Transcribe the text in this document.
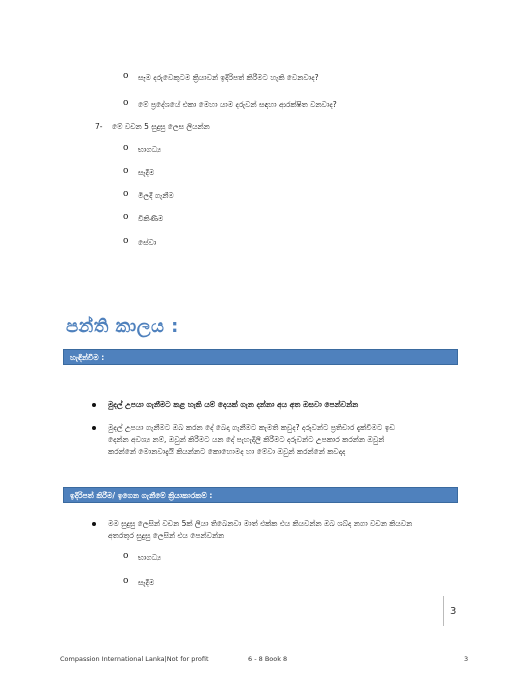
o සෑම දරුවෙකුටම ක්‍රියාවන් ඉදිරිපත් කිරීමට හැකි වෙනවාද?
o මේ ප්‍රදේශයේ එකා මෙහා යාම දරුවන් සඳහා ආරක්ෂිත වනවාද?
7- මේ වචන 5 සුදුසු ලෙස ලියන්න
o භාගධ්‍ය
o සැදීම
o මිලදී ගැනීම
o විකිණීම
o සේවා
පන්ති කාලය :
හැඳින්වීම :
මුදල් උපයා ගැනීමට කළ හැකි යම් දෙයක් ගැන දන්නා අය අත ඔසවා පෙන්වන්න
මුදල් උපයා ගැනීමට ඔබ කරන දේ බෙදා ගැනීමට කැමති කවුද? දරුවන්ට ප්‍රතිචාර දැක්වීමට ඉඩ
දෙන්න අවශ්‍ය නම්, ඔවුන් කිරීමට යන දේ පැහැදිලි කිරීමට දරුවන්ට උපකාර කරන්න ඔවුන්
කරන්නේ මොනවාදැයි කියන්නට කොහොමද හා මේවා ඔවුන් කරන්නේ කවදාද
ඉදිරිපත් කිරීම/ ඉගෙන ගැනීමේ ක්‍රියාකාරකම් :
මම සුදුසු ලෙසින් වචන 5ක් ලියා තිබෙනවා මාත් එක්ක එය කියවන්න ඔබ ශබ්ද නගා වචන කියවන
අතරතුර සුදුසු ලෙසින් එය පෙන්වන්න
o භාගධ්‍ය
o සැදීම
3
Compassion International Lanka|Not for profit	6 - 8 Book 8	3
